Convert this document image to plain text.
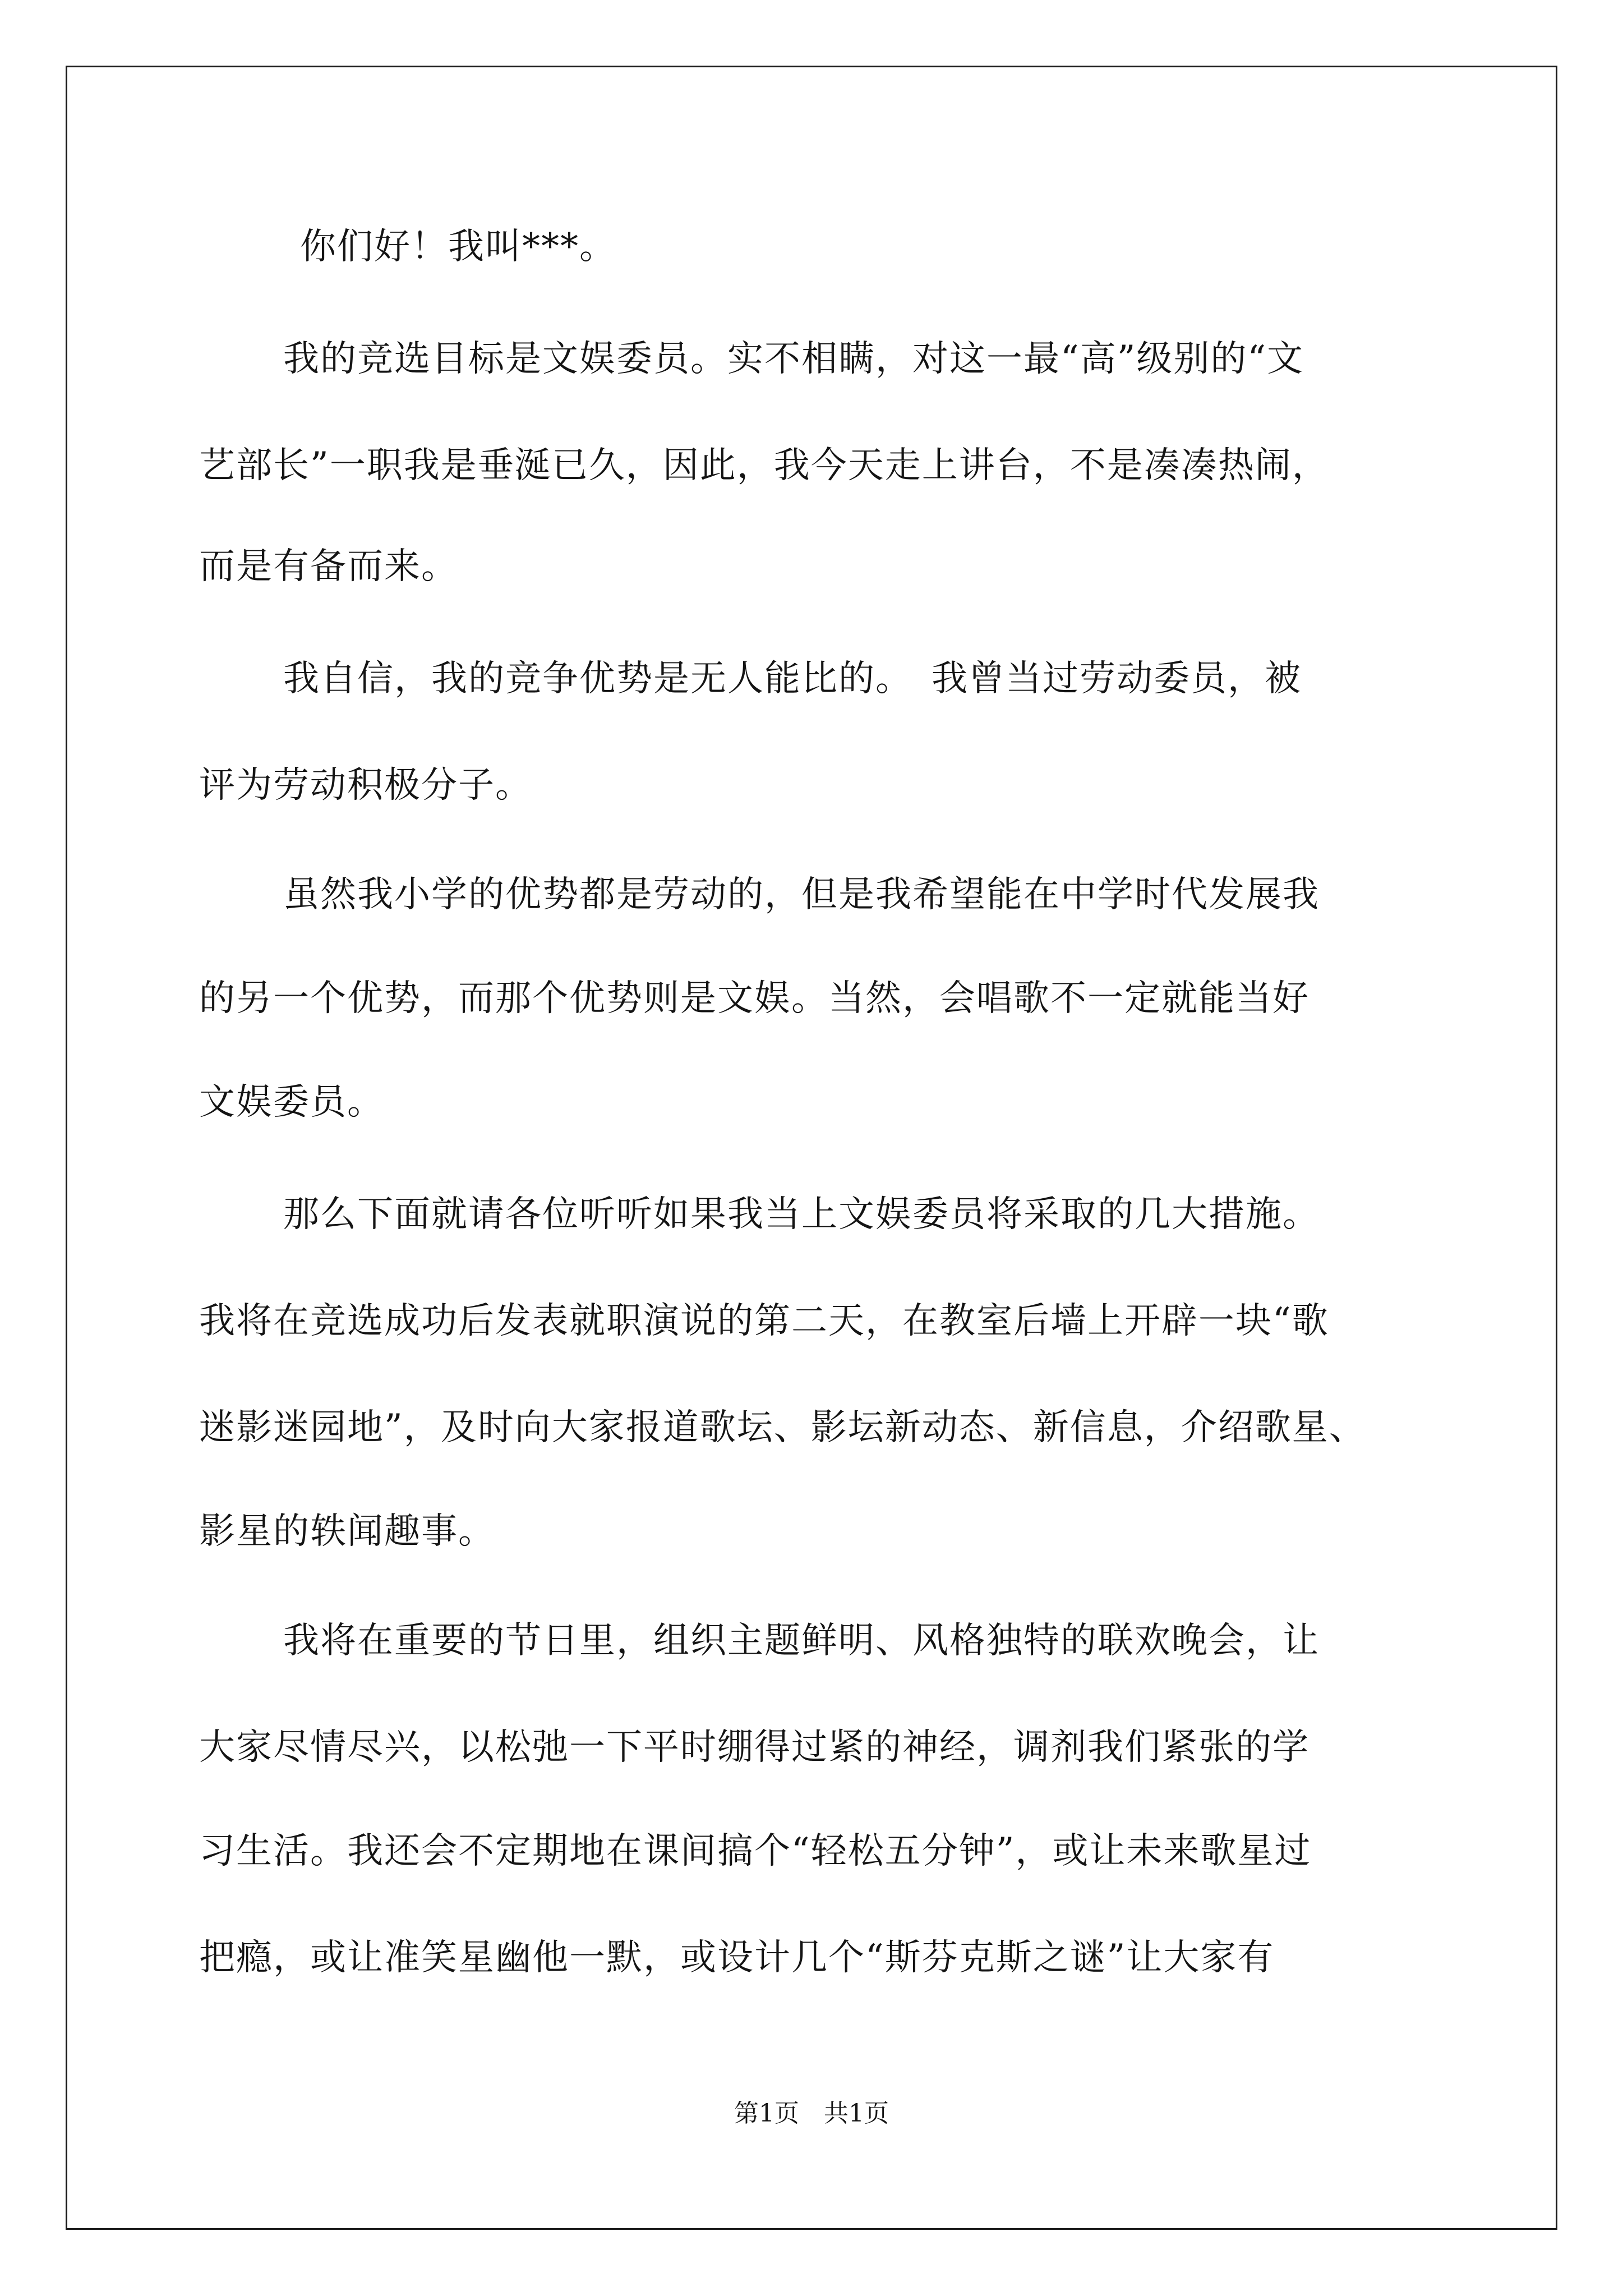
你们好！我叫***。
我的竞选目标是文娱委员。实不相瞒，对这一最“高”级别的“文
艺部长”一职我是垂涎已久，因此，我今天走上讲台，不是凑凑热闹，
而是有备而来。
我自信，我的竞争优势是无人能比的。　我曾当过劳动委员，被
评为劳动积极分子。
虽然我小学的优势都是劳动的，但是我希望能在中学时代发展我
的另一个优势，而那个优势则是文娱。当然，会唱歌不一定就能当好
文娱委员。
那么下面就请各位听听如果我当上文娱委员将采取的几大措施。
我将在竞选成功后发表就职演说的第二天，在教室后墙上开辟一块“歌
迷影迷园地”，及时向大家报道歌坛、影坛新动态、新信息，介绍歌星、
影星的轶闻趣事。
我将在重要的节日里，组织主题鲜明、风格独特的联欢晚会，让
大家尽情尽兴，以松弛一下平时绷得过紧的神经，调剂我们紧张的学
习生活。我还会不定期地在课间搞个“轻松五分钟”，或让未来歌星过
把瘾，或让准笑星幽他一默，或设计几个“斯芬克斯之谜”让大家有
第1页　共1页
